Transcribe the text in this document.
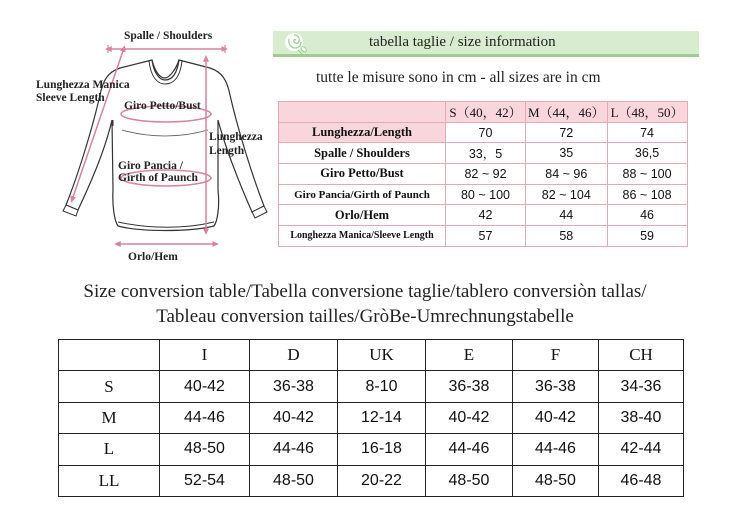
Spalle / Shoulders
Lunghezza Manica
Sleeve Length
Giro Petto/Bust
Lunghezza
Length
Giro Pancia /
Girth of Paunch
Orlo/Hem
tabella taglie / size information
tutte le misure sono in cm - all sizes are in cm
	S（40，42）	M（44，46）	L（48，50）
Lunghezza/Length	70	72	74
Spalle / Shoulders	33，5	35	36,5
Giro Petto/Bust	82 ~ 92	84 ~ 96	88 ~ 100
Giro Pancia/Girth of Paunch	80 ~ 100	82 ~ 104	86 ~ 108
Orlo/Hem	42	44	46
Longhezza Manica/Sleeve Length	57	58	59
Size conversion table/Tabella conversione taglie/tablero conversiòn tallas/
Tableau conversion tailles/GròBe-Umrechnungstabelle
	I	D	UK	E	F	CH
S	40-42	36-38	8-10	36-38	36-38	34-36
M	44-46	40-42	12-14	40-42	40-42	38-40
L	48-50	44-46	16-18	44-46	44-46	42-44
LL	52-54	48-50	20-22	48-50	48-50	46-48
